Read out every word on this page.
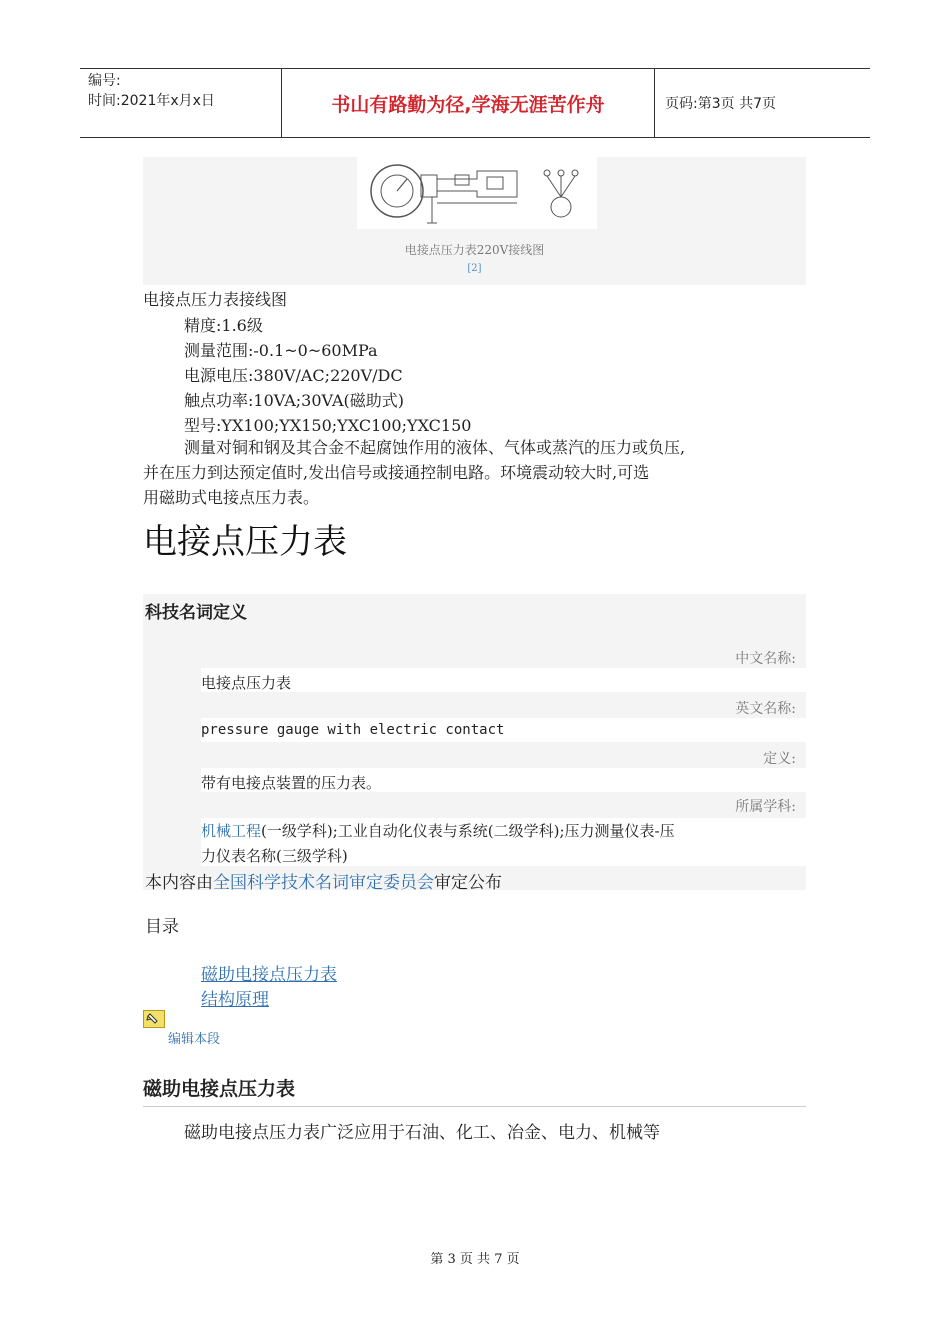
编号:
时间:2021年x月x日	书山有路勤为径,学海无涯苦作舟	页码:第3页 共7页
电接点压力表220V接线图
[2]
电接点压力表接线图
精度:1.6级
测量范围:-0.1~0~60MPa
电源电压:380V/AC;220V/DC
触点功率:10VA;30VA(磁助式)
型号:YX100;YX150;YXC100;YXC150
测量对铜和钢及其合金不起腐蚀作用的液体、气体或蒸汽的压力或负压,
并在压力到达预定值时,发出信号或接通控制电路。环境震动较大时,可选
用磁助式电接点压力表。
电接点压力表
科技名词定义
中文名称:
电接点压力表
英文名称:
pressure gauge with electric contact
定义:
带有电接点装置的压力表。
所属学科:
机械工程(一级学科);工业自动化仪表与系统(二级学科);压力测量仪表-压
力仪表名称(三级学科)
本内容由全国科学技术名词审定委员会审定公布
目录
磁助电接点压力表
结构原理
编辑本段
磁助电接点压力表
磁助电接点压力表广泛应用于石油、化工、冶金、电力、机械等
第 3 页 共 7 页
